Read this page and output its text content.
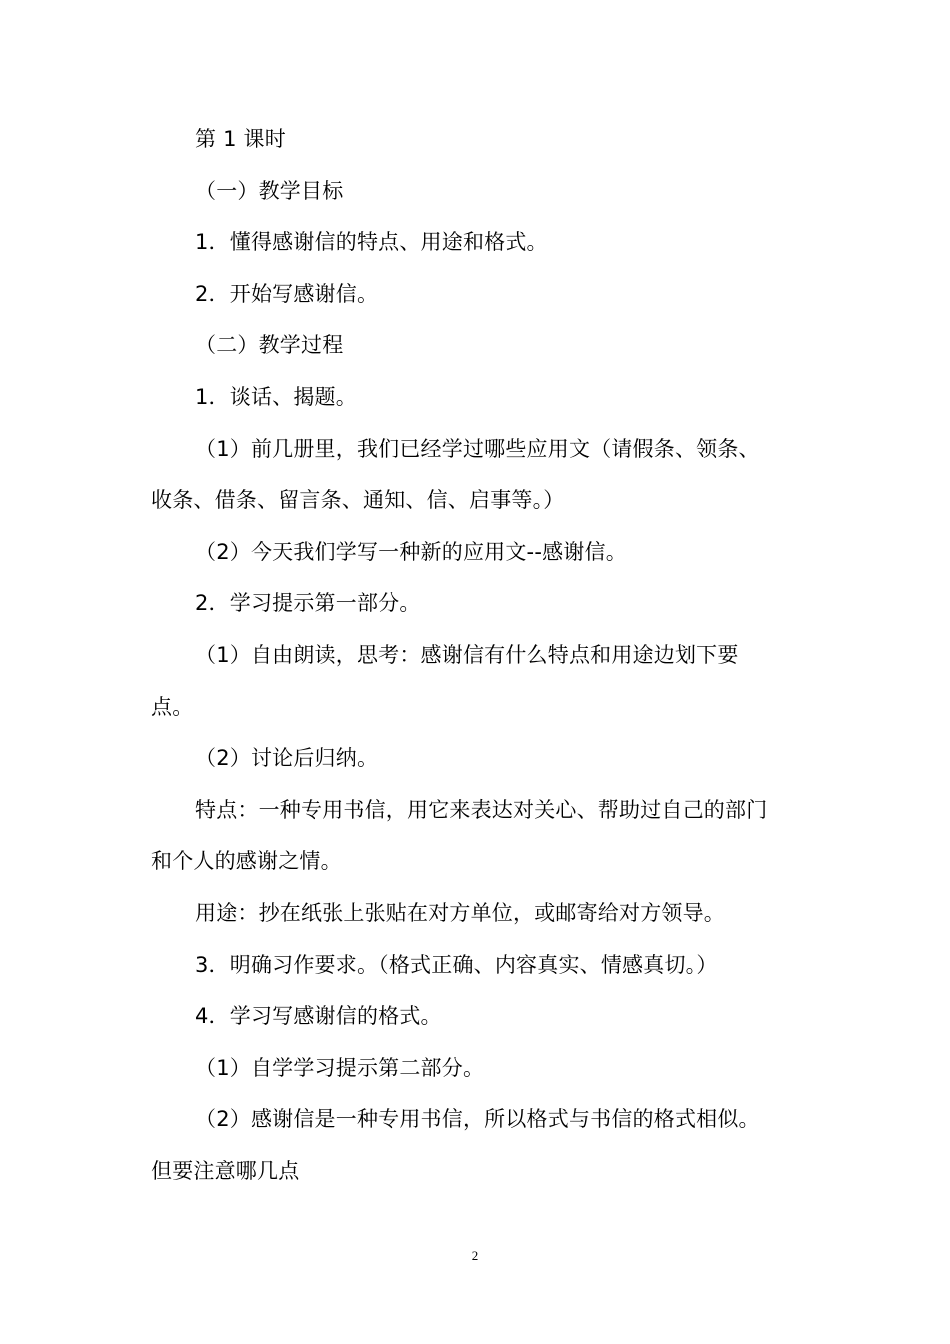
第 1 课时
（一）教学目标
1．懂得感谢信的特点、用途和格式。
2．开始写感谢信。
（二）教学过程
1．谈话、揭题。
（1）前几册里，我们已经学过哪些应用文（请假条、领条、
收条、借条、留言条、通知、信、启事等。）
（2）今天我们学写一种新的应用文--感谢信。
2．学习提示第一部分。
（1）自由朗读，思考：感谢信有什么特点和用途边划下要
点。
（2）讨论后归纳。
特点：一种专用书信，用它来表达对关心、帮助过自己的部门
和个人的感谢之情。
用途：抄在纸张上张贴在对方单位，或邮寄给对方领导。
3．明确习作要求。（格式正确、内容真实、情感真切。）
4．学习写感谢信的格式。
（1）自学学习提示第二部分。
（2）感谢信是一种专用书信，所以格式与书信的格式相似。
但要注意哪几点
2
